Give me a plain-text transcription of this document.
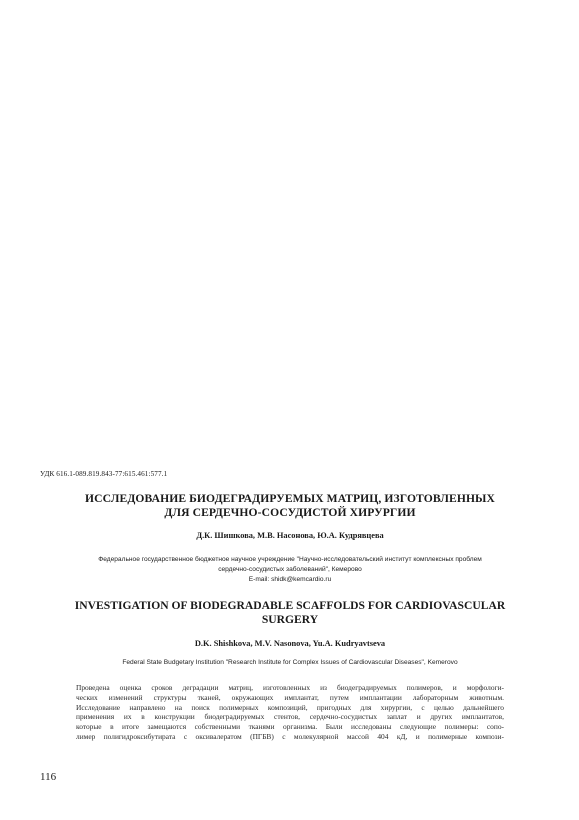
УДК 616.1-089.819.843-77:615.461:577.1
ИССЛЕДОВАНИЕ БИОДЕГРАДИРУЕМЫХ МАТРИЦ, ИЗГОТОВЛЕННЫХ
ДЛЯ СЕРДЕЧНО-СОСУДИСТОЙ ХИРУРГИИ
Д.К. Шишкова, М.В. Насонова, Ю.А. Кудрявцева
Федеральное государственное бюджетное научное учреждение "Научно-исследовательский институт комплексных проблем
сердечно-сосудистых заболеваний", Кемерово
E-mail: shidk@kemcardio.ru
INVESTIGATION OF BIODEGRADABLE SCAFFOLDS FOR CARDIOVASCULAR
SURGERY
D.K. Shishkova, M.V. Nasonova, Yu.A. Kudryavtseva
Federal State Budgetary Institution "Research Institute for Complex Issues of Cardiovascular Diseases", Kemerovo
Проведена оценка сроков деградации матриц, изготовленных из биодеградируемых полимеров, и морфологи-
ческих изменений структуры тканей, окружающих имплантат, путем имплантации лабораторным животным.
Исследование направлено на поиск полимерных композиций, пригодных для хирургии, с целью дальнейшего
применения их в конструкции биодеградируемых стентов, сердечно-сосудистых заплат и других имплантатов,
которые в итоге замещаются собственными тканями организма. Были исследованы следующие полимеры: сопо-
лимер полигидроксибутирата с оксивалератом (ПГБВ) с молекулярной массой 404 кД, и полимерные компози-
116
